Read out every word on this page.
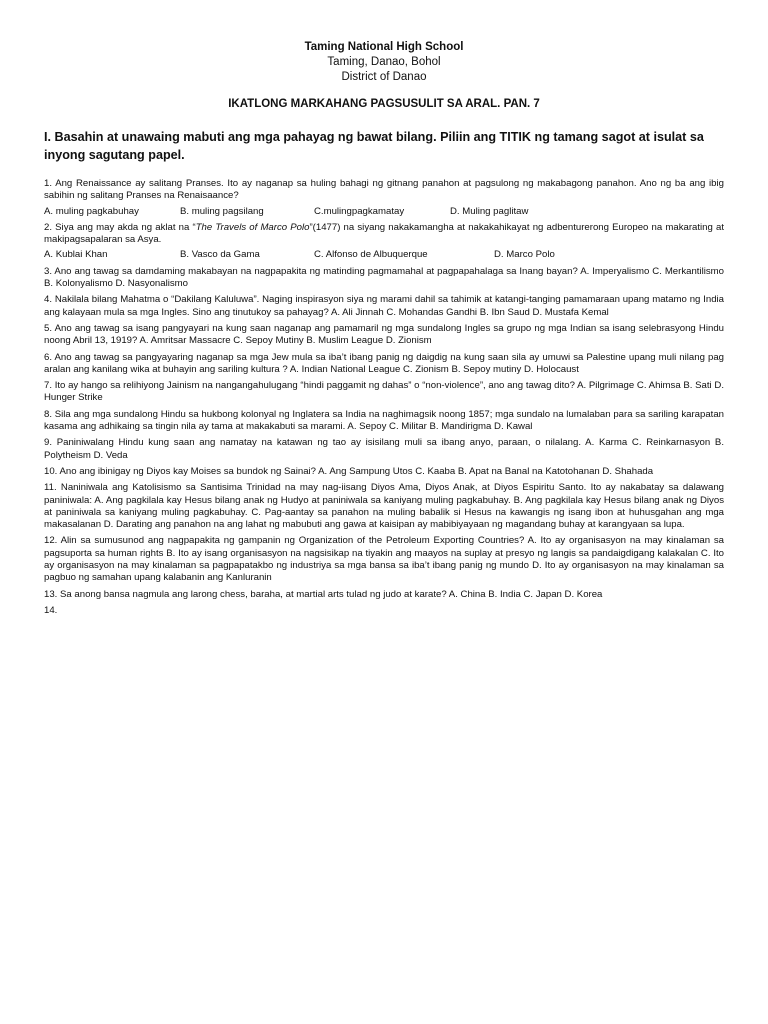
Taming National High School
Taming, Danao, Bohol
District of Danao
IKATLONG MARKAHANG PAGSUSULIT SA ARAL. PAN. 7
I. Basahin at unawaing mabuti ang mga pahayag ng bawat bilang. Piliin ang TITIK ng tamang sagot at isulat sa inyong sagutang papel.
1. Ang Renaissance ay salitang Pranses. Ito ay naganap sa huling bahagi ng gitnang panahon at pagsulong ng makabagong panahon. Ano ng ba ang ibig sabihin ng salitang Pranses na Renaisaance?
A. muling pagkabuhay	B. muling pagsilang	C.mulingpagkamatay	D. Muling paglitaw
2. Siya ang may akda ng aklat na “The Travels of Marco Polo”(1477) na siyang nakakamangha at nakakahikayat ng adbenturerong Europeo na makarating at makipagsapalaran sa Asya.
A. Kublai Khan	B. Vasco da Gama	C. Alfonso de Albuquerque	D. Marco Polo
3. Ano ang tawag sa damdaming makabayan na nagpapakita ng matinding pagmamahal at pagpapahalaga sa Inang bayan? A. Imperyalismo C. Merkantilismo B. Kolonyalismo D. Nasyonalismo
4. Nakilala bilang Mahatma o “Dakilang Kaluluwa”. Naging inspirasyon siya ng marami dahil sa tahimik at katangi-tanging pamamaraan upang matamo ng India ang kalayaan mula sa mga Ingles. Sino ang tinutukoy sa pahayag? A. Ali Jinnah C. Mohandas Gandhi B. Ibn Saud D. Mustafa Kemal
5. Ano ang tawag sa isang pangyayari na kung saan naganap ang pamamaril ng mga sundalong Ingles sa grupo ng mga Indian sa isang selebrasyong Hindu noong Abril 13, 1919? A. Amritsar Massacre C. Sepoy Mutiny B. Muslim League D. Zionism
6. Ano ang tawag sa pangyayaring naganap sa mga Jew mula sa iba’t ibang panig ng daigdig na kung saan sila ay umuwi sa Palestine upang muli nilang pag aralan ang kanilang wika at buhayin ang sariling kultura ? A. Indian National League C. Zionism B. Sepoy mutiny D. Holocaust
7. Ito ay hango sa relihiyong Jainism na nangangahulugang “hindi paggamit ng dahas” o “non-violence”, ano ang tawag dito? A. Pilgrimage C. Ahimsa B. Sati D. Hunger Strike
8. Sila ang mga sundalong Hindu sa hukbong kolonyal ng Inglatera sa India na naghimagsik noong 1857; mga sundalo na lumalaban para sa sariling karapatan kasama ang adhikaing sa tingin nila ay tama at makakabuti sa marami. A. Sepoy C. Militar B. Mandirigma D. Kawal
9. Paniniwalang Hindu kung saan ang namatay na katawan ng tao ay isisilang muli sa ibang anyo, paraan, o nilalang. A. Karma C. Reinkarnasyon B. Polytheism D. Veda
10. Ano ang ibinigay ng Diyos kay Moises sa bundok ng Sainai? A. Ang Sampung Utos C. Kaaba B. Apat na Banal na Katotohanan D. Shahada
11. Naniniwala ang Katolisismo sa Santisima Trinidad na may nag-iisang Diyos Ama, Diyos Anak, at Diyos Espiritu Santo. Ito ay nakabatay sa dalawang paniniwala: A. Ang pagkilala kay Hesus bilang anak ng Hudyo at paniniwala sa kaniyang muling pagkabuhay. B. Ang pagkilala kay Hesus bilang anak ng Diyos at paniniwala sa kaniyang muling pagkabuhay. C. Pag-aantay sa panahon na muling babalik si Hesus na kawangis ng isang ibon at huhusgahan ang mga makasalanan D. Darating ang panahon na ang lahat ng mabubuti ang gawa at kaisipan ay mabibiyayaan ng magandang buhay at karangyaan sa lupa.
12. Alin sa sumusunod ang nagpapakita ng gampanin ng Organization of the Petroleum Exporting Countries? A. Ito ay organisasyon na may kinalaman sa pagsuporta sa human rights B. Ito ay isang organisasyon na nagsisikap na tiyakin ang maayos na suplay at presyo ng langis sa pandaigdigang kalakalan C. Ito ay organisasyon na may kinalaman sa pagpapatakbo ng industriya sa mga bansa sa iba’t ibang panig ng mundo D. Ito ay organisasyon na may kinalaman sa pagbuo ng samahan upang kalabanin ang Kanluranin
13. Sa anong bansa nagmula ang larong chess, baraha, at martial arts tulad ng judo at karate? A. China B. India C. Japan D. Korea
14.
